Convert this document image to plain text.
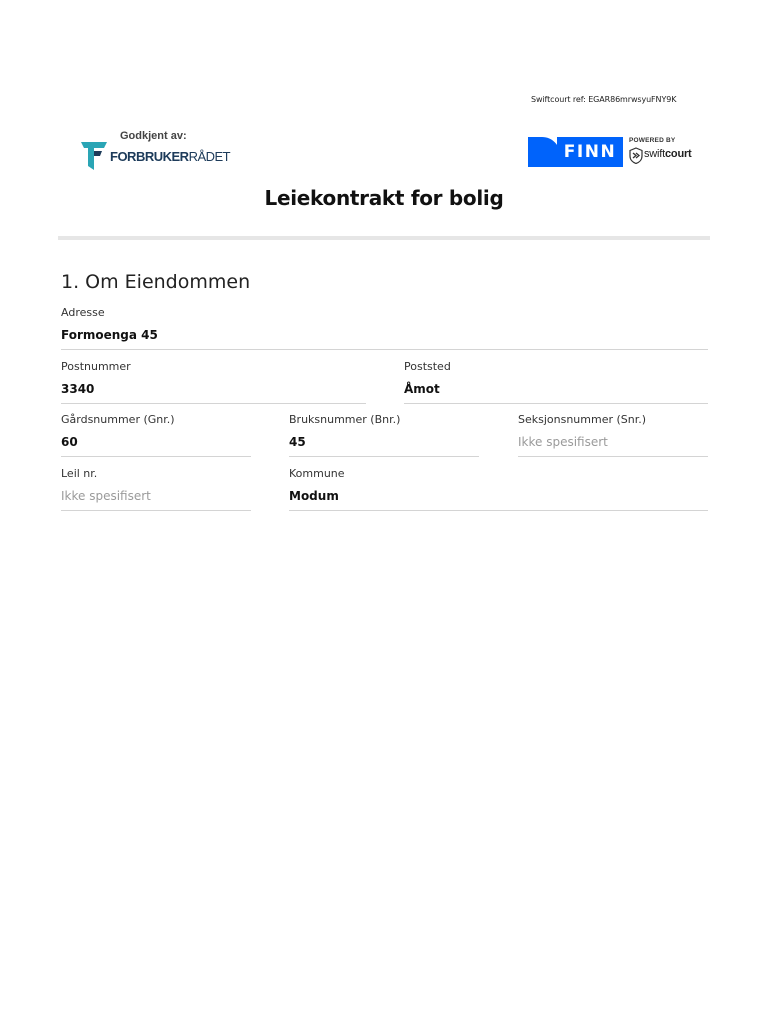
Swiftcourt ref: EGAR86mrwsyuFNY9K
Godkjent av:
FORBRUKERRÅDET	FINN
POWERED BY
swiftcourt
Leiekontrakt for bolig
1. Om Eiendommen
Adresse
Formoenga 45
Postnummer
3340
Poststed
Åmot
Gårdsnummer (Gnr.)
60
Bruksnummer (Bnr.)
45
Seksjonsnummer (Snr.)
Ikke spesifisert
Leil nr.
Ikke spesifisert
Kommune
Modum
